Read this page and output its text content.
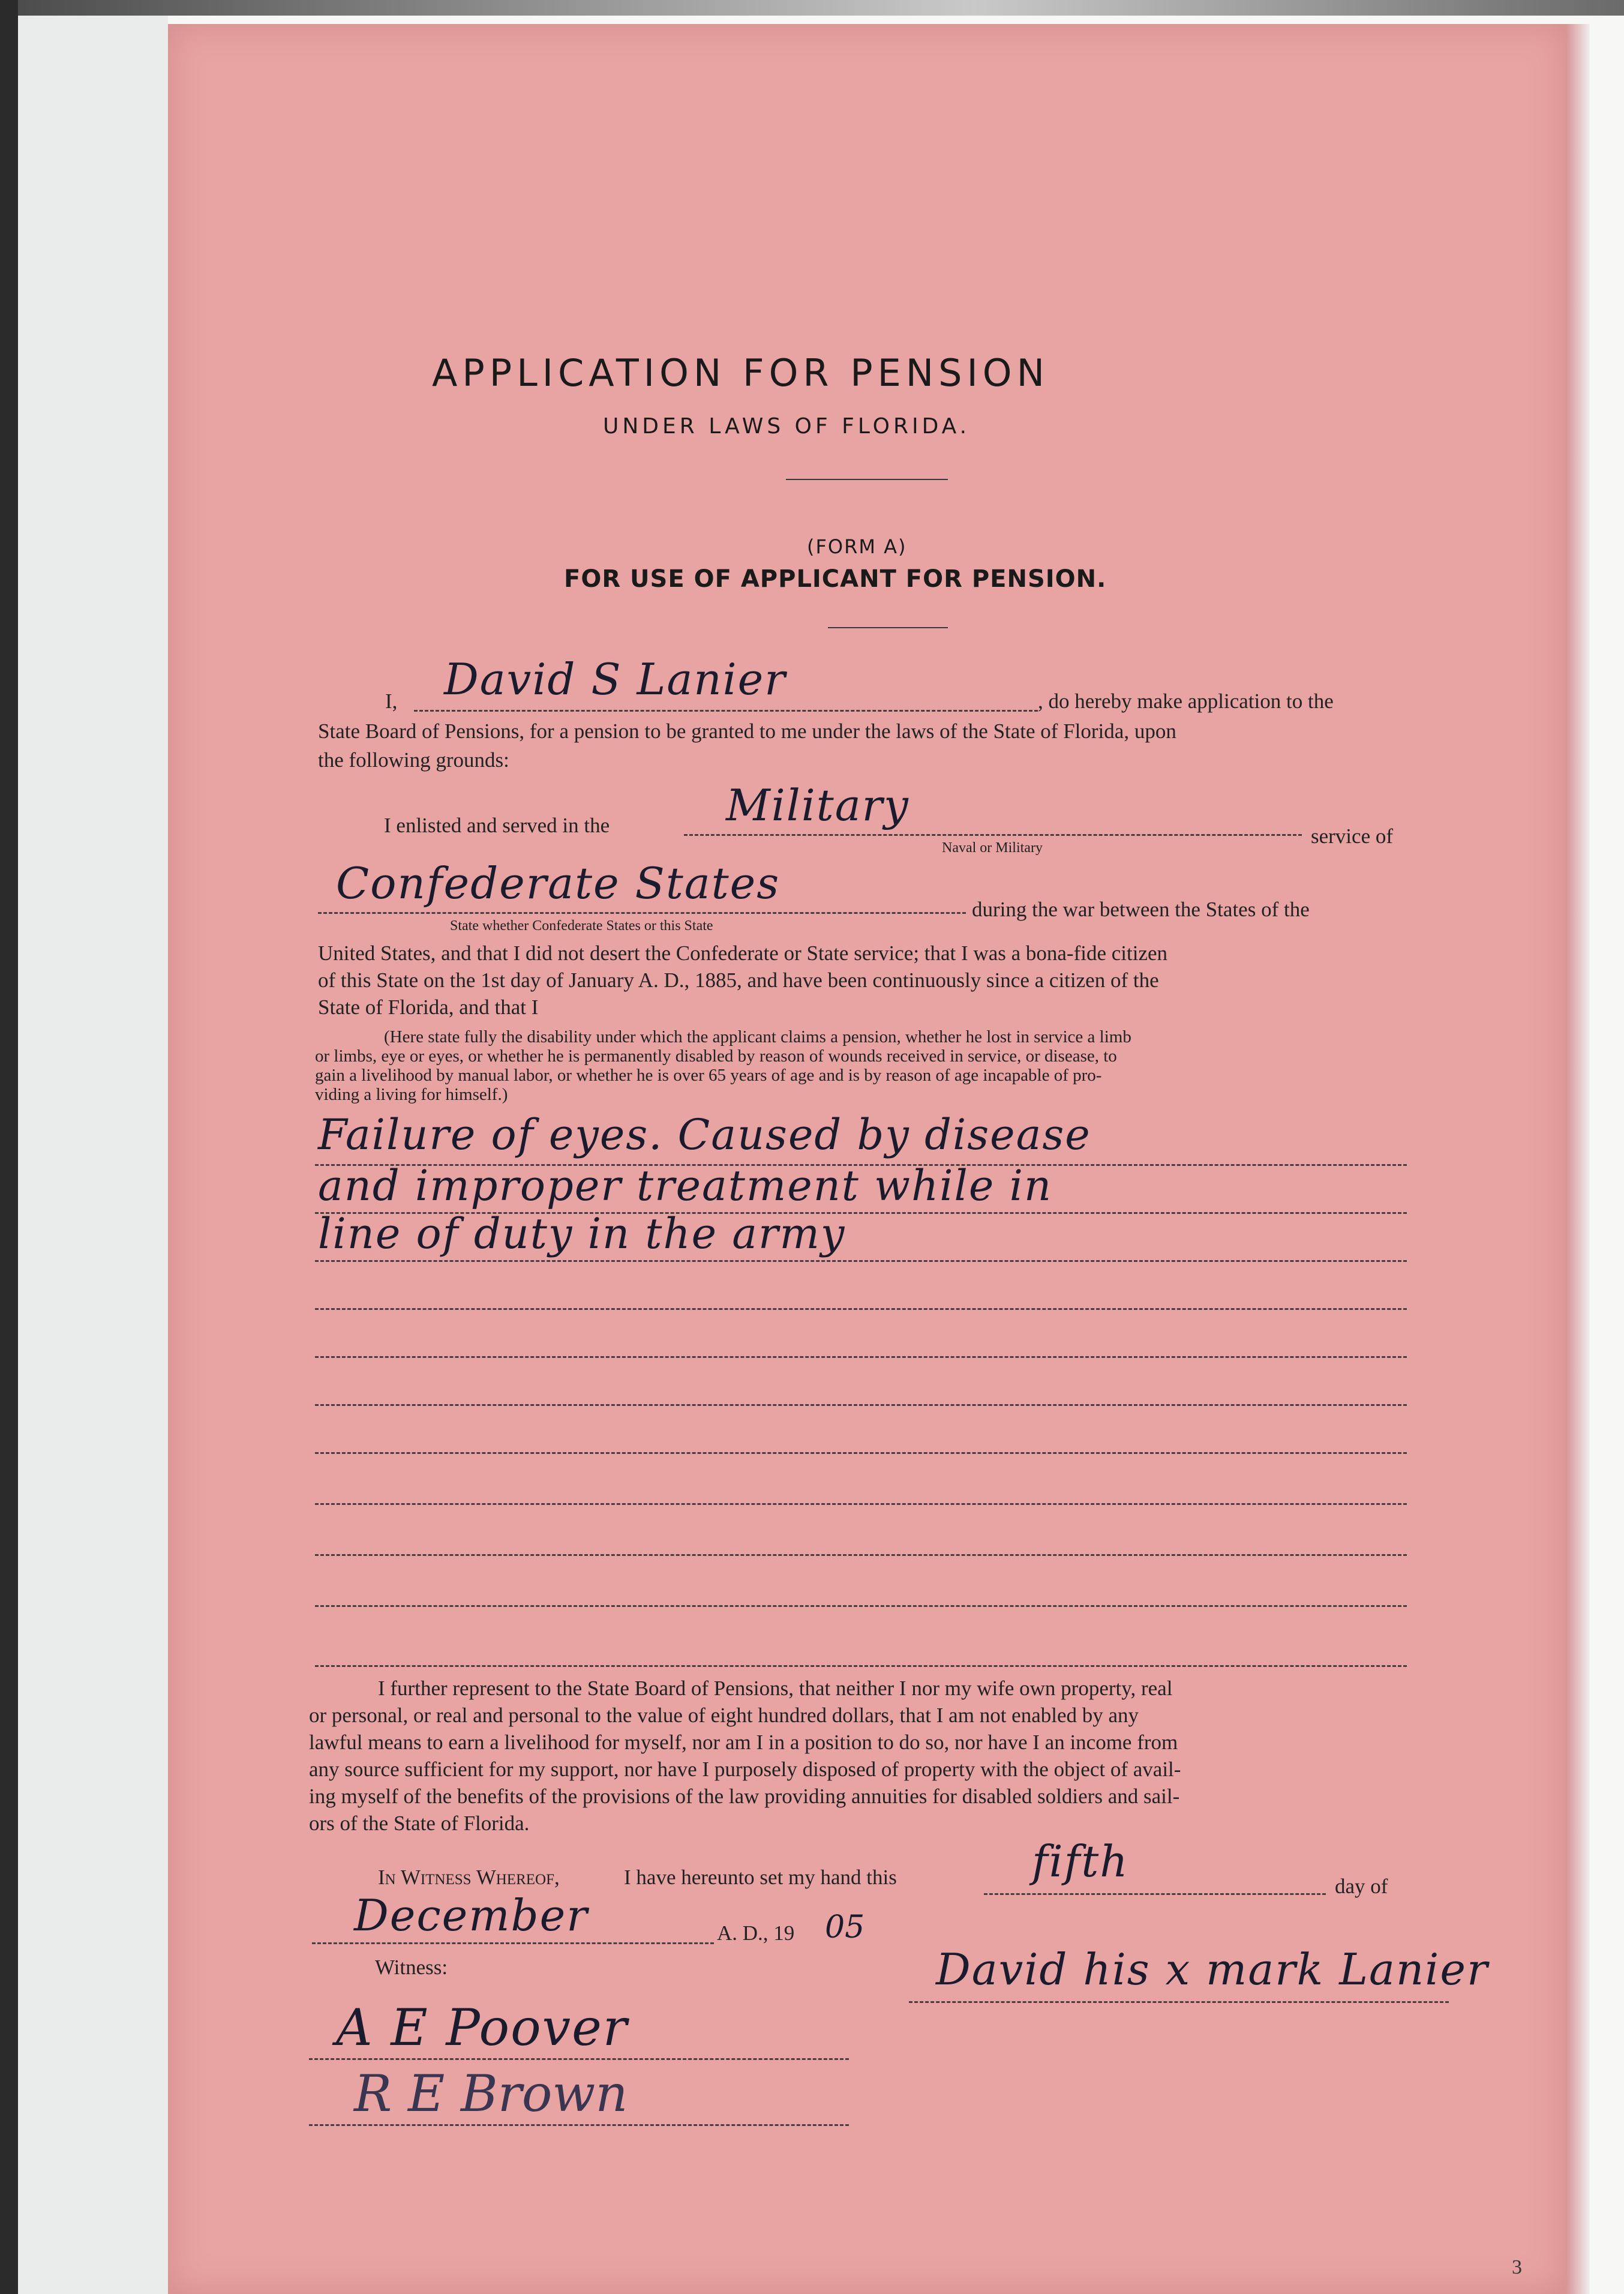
3
APPLICATION FOR PENSION
UNDER LAWS OF FLORIDA.
(FORM A)
FOR USE OF APPLICANT FOR PENSION.
I, David S Lanier	, do hereby make application to the
State Board of Pensions, for a pension to be granted to me under the laws of the State of Florida, upon
the following grounds:
I enlisted and served in the	Military
Naval or Military	service of
Confederate States
State whether Confederate States or this State
during the war between the States of the
United States, and that I did not desert the Confederate or State service; that I was a bona-fide citizen
of this State on the 1st day of January A. D., 1885, and have been continuously since a citizen of the
State of Florida, and that I
(Here state fully the disability under which the applicant claims a pension, whether he lost in service a limb
or limbs, eye or eyes, or whether he is permanently disabled by reason of wounds received in service, or disease, to
gain a livelihood by manual labor, or whether he is over 65 years of age and is by reason of age incapable of pro-
viding a living for himself.)
Failure of eyes. Caused by disease
and improper treatment while in
line of duty in the army
I further represent to the State Board of Pensions, that neither I nor my wife own property, real
or personal, or real and personal to the value of eight hundred dollars, that I am not enabled by any
lawful means to earn a livelihood for myself, nor am I in a position to do so, nor have I an income from
any source sufficient for my support, nor have I purposely disposed of property with the object of avail-
ing myself of the benefits of the provisions of the law providing annuities for disabled soldiers and sail-
ors of the State of Florida.
In Witness Whereof,	I have hereunto set my hand this	fifth	day of
December	A. D., 19 05
Witness:	David his x mark Lanier
A E Poover
R E Brown
